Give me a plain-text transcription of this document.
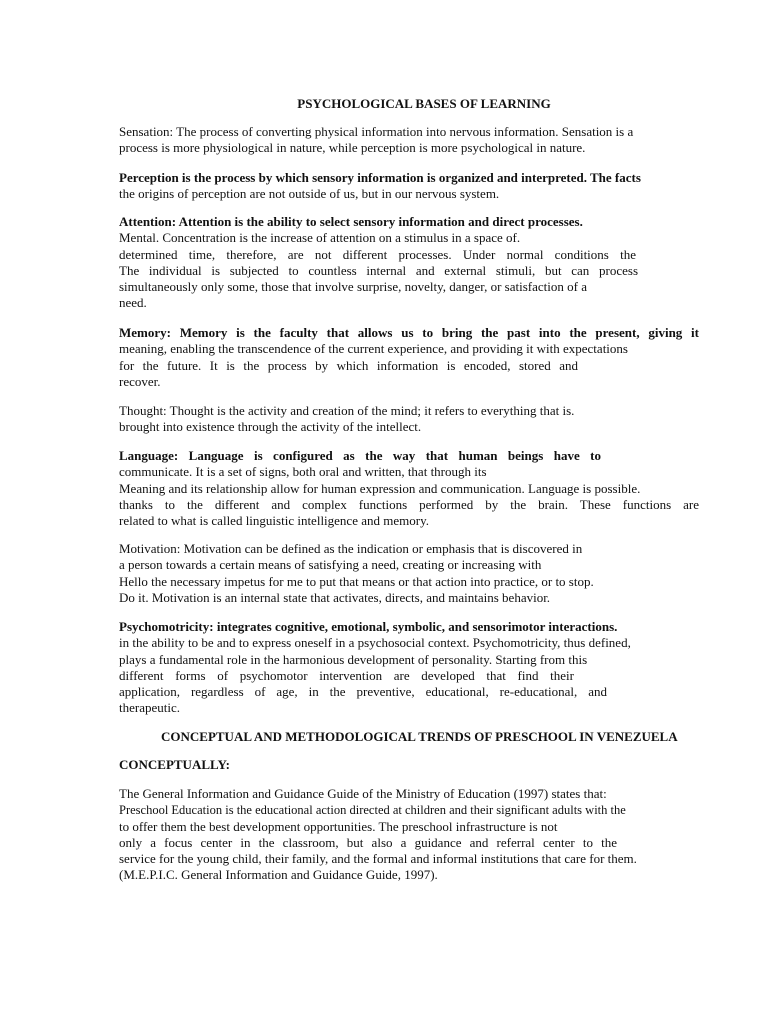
PSYCHOLOGICAL BASES OF LEARNING
Sensation: The process of converting physical information into nervous information. Sensation is a
process is more physiological in nature, while perception is more psychological in nature.
Perception is the process by which sensory information is organized and interpreted. The facts
the origins of perception are not outside of us, but in our nervous system.
Attention: Attention is the ability to select sensory information and direct processes.
Mental. Concentration is the increase of attention on a stimulus in a space of.
determined time, therefore, are not different processes. Under normal conditions the
The individual is subjected to countless internal and external stimuli, but can process
simultaneously only some, those that involve surprise, novelty, danger, or satisfaction of a
need.
Memory: Memory is the faculty that allows us to bring the past into the present, giving it
meaning, enabling the transcendence of the current experience, and providing it with expectations
for the future. It is the process by which information is encoded, stored and
recover.
Thought: Thought is the activity and creation of the mind; it refers to everything that is.
brought into existence through the activity of the intellect.
Language: Language is configured as the way that human beings have to
communicate. It is a set of signs, both oral and written, that through its
Meaning and its relationship allow for human expression and communication. Language is possible.
thanks to the different and complex functions performed by the brain. These functions are
related to what is called linguistic intelligence and memory.
Motivation: Motivation can be defined as the indication or emphasis that is discovered in
a person towards a certain means of satisfying a need, creating or increasing with
Hello the necessary impetus for me to put that means or that action into practice, or to stop.
Do it. Motivation is an internal state that activates, directs, and maintains behavior.
Psychomotricity: integrates cognitive, emotional, symbolic, and sensorimotor interactions.
in the ability to be and to express oneself in a psychosocial context. Psychomotricity, thus defined,
plays a fundamental role in the harmonious development of personality. Starting from this
different forms of psychomotor intervention are developed that find their
application, regardless of age, in the preventive, educational, re-educational, and
therapeutic.
CONCEPTUAL AND METHODOLOGICAL TRENDS OF PRESCHOOL IN VENEZUELA
CONCEPTUALLY:
The General Information and Guidance Guide of the Ministry of Education (1997) states that:
Preschool Education is the educational action directed at children and their significant adults with the
to offer them the best development opportunities. The preschool infrastructure is not
only a focus center in the classroom, but also a guidance and referral center to the
service for the young child, their family, and the formal and informal institutions that care for them.
(M.E.P.I.C. General Information and Guidance Guide, 1997).
